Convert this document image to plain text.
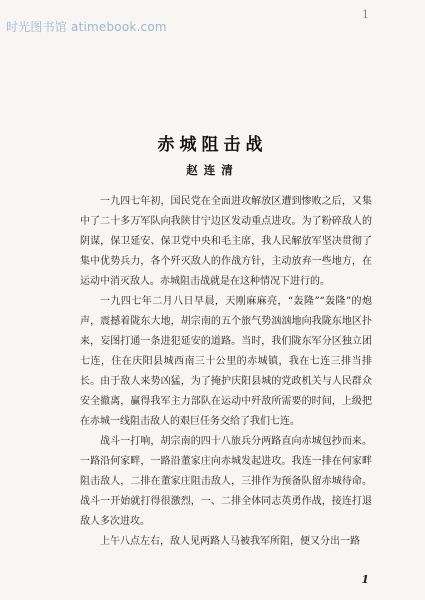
时光图书馆 atimebook.com
1
赤城阻击战
赵连清

一九四七年初，国民党在全面进攻解放区遭到惨败之后，又集中了二十多万军队向我陕甘宁边区发动重点进攻。为了粉碎敌人的阴谋，保卫延安、保卫党中央和毛主席，我人民解放军坚决贯彻了集中优势兵力，各个歼灭敌人的作战方针，主动放弃一些地方，在运动中消灭敌人。赤城阻击战就是在这种情况下进行的。

一九四七年二月八日早晨，天刚麻麻亮，“轰隆”“轰隆”的炮声，震撼着陇东大地，胡宗南的五个旅气势汹汹地向我陇东地区扑来，妄图打通一条进犯延安的道路。当时，我们陇东军分区独立团七连，住在庆阳县城西南三十公里的赤城镇，我在七连三排当排长。由于敌人来势凶猛，为了掩护庆阳县城的党政机关与人民群众安全撤离，赢得我军主力部队在运动中歼敌所需要的时间，上级把在赤城一线阻击敌人的艰巨任务交给了我们七连。

战斗一打响，胡宗南的四十八旅兵分两路直向赤城包抄而来。一路沿何家畔，一路沿董家庄向赤城发起进攻。我连一排在何家畔阻击敌人，二排在董家庄阻击敌人，三排作为预备队留赤城待命。战斗一开始就打得很激烈，一、二排全体同志英勇作战，接连打退敌人多次进攻。

上午八点左右，敌人见两路人马被我军所阻，便又分出一路

1
